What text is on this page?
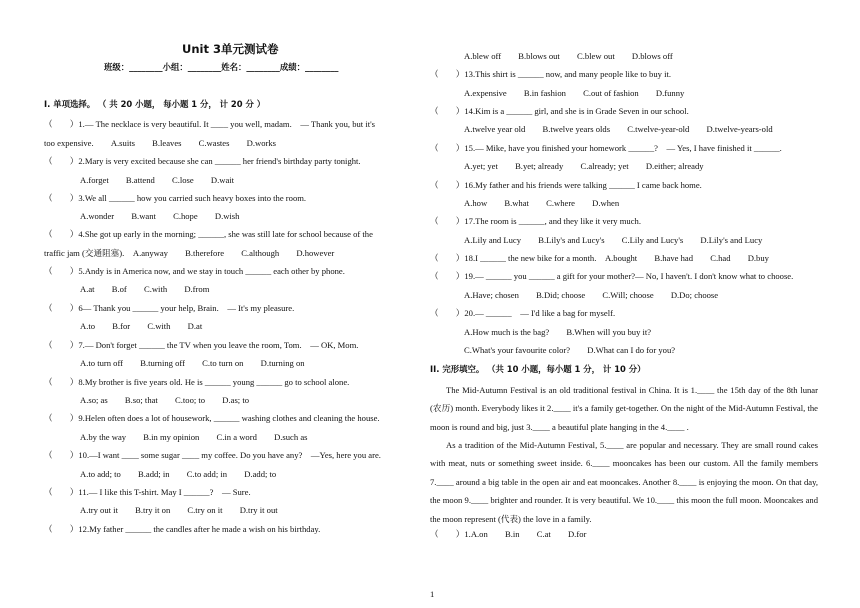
Unit 3单元测试卷
班级：________小组：________姓名：________成绩：________
I. 单项选择。 （ 共 20 小题， 每小题 1 分， 计 20 分 ）
（　　）1.— The necklace is very beautiful. It ____ you well, madam.　— Thank you, but it's
too expensive.　　A.suits　　B.leaves　　C.wastes　　D.works
（　　）2.Mary is very excited because she can ______ her friend's birthday party tonight.
A.forget　　B.attend　　C.lose　　D.wait
（　　）3.We all ______ how you carried such heavy boxes into the room.
A.wonder　　B.want　　C.hope　　D.wish
（　　）4.She got up early in the morning; ______, she was still late for school because of the
traffic jam (交通阻塞).　A.anyway　　B.therefore　　C.although　　D.however
（　　）5.Andy is in America now, and we stay in touch ______ each other by phone.
A.at　　B.of　　C.with　　D.from
（　　）6— Thank you ______ your help, Brain.　— It's my pleasure.
A.to　　B.for　　C.with　　D.at
（　　）7.— Don't forget ______ the TV when you leave the room, Tom.　— OK, Mom.
A.to turn off　　B.turning off　　C.to turn on　　D.turning on
（　　）8.My brother is five years old. He is ______ young ______ go to school alone.
A.so; as　　B.so; that　　C.too; to　　D.as; to
（　　）9.Helen often does a lot of housework, ______ washing clothes and cleaning the house.
A.by the way　　B.in my opinion　　C.in a word　　D.such as
（　　）10.—I want ____ some sugar ____ my coffee. Do you have any?　—Yes, here you are.
A.to add; to　　B.add; in　　C.to add; in　　D.add; to
（　　）11.— I like this T-shirt. May I ______?　— Sure.
A.try out it　　B.try it on　　C.try on it　　D.try it out
（　　）12.My father ______ the candles after he made a wish on his birthday.
A.blew off　　B.blows out　　C.blew out　　D.blows off
（　　）13.This shirt is ______ now, and many people like to buy it.
A.expensive　　B.in fashion　　C.out of fashion　　D.funny
（　　）14.Kim is a ______ girl, and she is in Grade Seven in our school.
A.twelve year old　　B.twelve years olds　　C.twelve-year-old　　D.twelve-years-old
（　　）15.— Mike, have you finished your homework ______?　— Yes, I have finished it ______.
A.yet; yet　　B.yet; already　　C.already; yet　　D.either; already
（　　）16.My father and his friends were talking ______ I came back home.
A.how　　B.what　　C.where　　D.when
（　　）17.The room is ______, and they like it very much.
A.Lily and Lucy　　B.Lily's and Lucy's　　C.Lily and Lucy's　　D.Lily's and Lucy
（　　）18.I ______ the new bike for a month.　A.bought　　B.have had　　C.had　　D.buy
（　　）19.— ______ you ______ a gift for your mother?— No, I haven't. I don't know what to choose.
A.Have; chosen　　B.Did; choose　　C.Will; choose　　D.Do; choose
（　　）20.— ______　— I'd like a bag for myself.
A.How much is the bag?　　B.When will you buy it?
C.What's your favourite color?　　D.What can I do for you?
II. 完形填空。 （共 10 小题，每小题 1 分， 计 10 分）
The Mid-Autumn Festival is an old traditional festival in China. It is 1.____ the 15th day of the 8th lunar (农历) month. Everybody likes it 2.____ it's a family get-together. On the night of the Mid-Autumn Festival, the moon is round and big, just 3.____ a beautiful plate hanging in the 4.____ .
As a tradition of the Mid-Autumn Festival, 5.____ are popular and necessary. They are small round cakes with meat, nuts or something sweet inside. 6.____ mooncakes has been our custom. All the family members 7.____ around a big table in the open air and eat mooncakes. Another 8.____ is enjoying the moon. On that day, the moon 9.____ brighter and rounder. It is very beautiful. We 10.____ this moon the full moon. Mooncakes and the moon represent (代表) the love in a family.
（　　）1.A.on　　B.in　　C.at　　D.for
1
